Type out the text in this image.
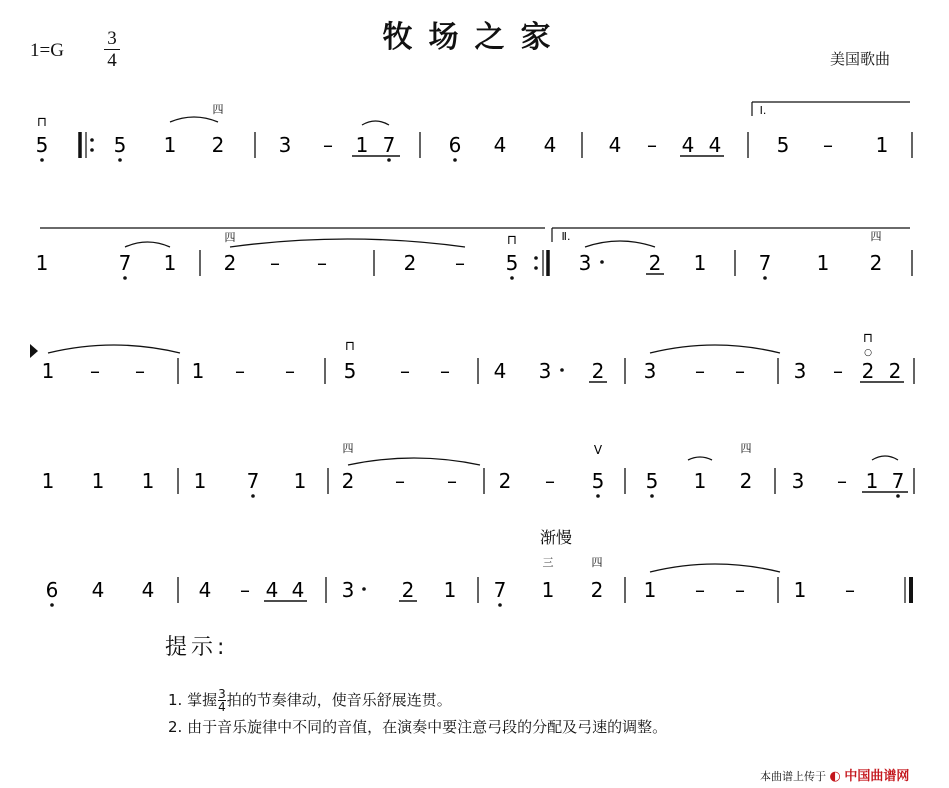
牧场之家
1=G
3
4	美国歌曲
5
⊓
5 1 2
四
3 – 1 7	6 4 4	4 – 4 4
Ⅰ.
5 – 1
1	7 1 2
四
– –	2 – 5
⊓	Ⅱ.
3	2 1	7 1 2
四
1 – – 1 – – 5
⊓
– – 4 3 2 3 – – 3 – 2 2
⊓
○
1 1 1 1 7 1 2
四
– – 2 – 5
V
5 1 2
四
3 – 1 7
渐慢
6 4 4 4 – 4 4 3 2 1 7 1 2
三	四
1 – – 1 –
提示:
1. 掌握 $\frac{3}{4}$ 拍的节奏律动，使音乐舒展连贯。
2. 由于音乐旋律中不同的音值，在演奏中要注意弓段的分配及弓速的调整。
本曲谱上传于 ◐ 中国曲谱网
